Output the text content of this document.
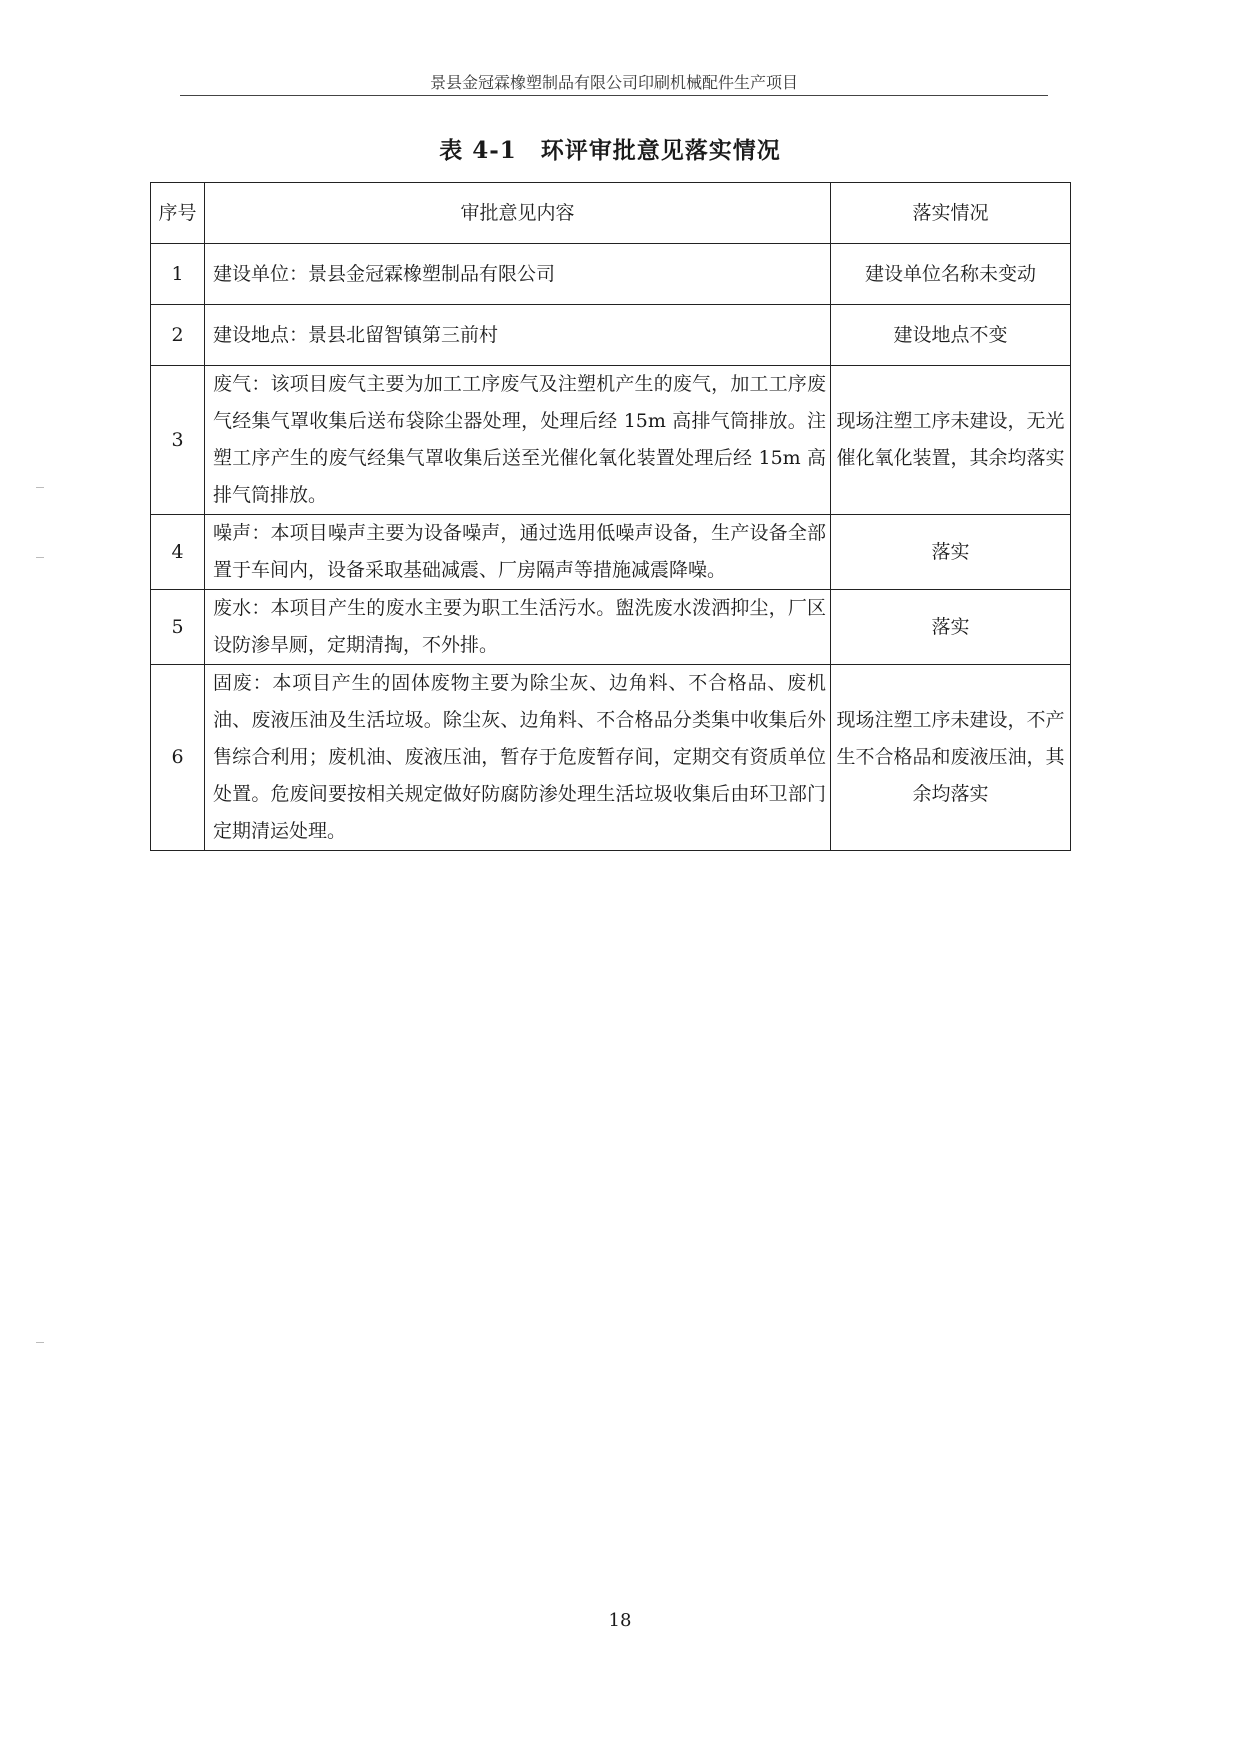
景县金冠霖橡塑制品有限公司印刷机械配件生产项目
表 4-1 环评审批意见落实情况
序号	审批意见内容	落实情况
1	建设单位：景县金冠霖橡塑制品有限公司	建设单位名称未变动
2	建设地点：景县北留智镇第三前村	建设地点不变
3	废气：该项目废气主要为加工工序废气及注塑机产生的废气，加工工序废气经集气罩收集后送布袋除尘器处理，处理后经 15m 高排气筒排放。注塑工序产生的废气经集气罩收集后送至光催化氧化装置处理后经 15m 高排气筒排放。	现场注塑工序未建设，无光催化氧化装置，其余均落实
4	噪声：本项目噪声主要为设备噪声，通过选用低噪声设备，生产设备全部置于车间内，设备采取基础减震、厂房隔声等措施减震降噪。	落实
5	废水：本项目产生的废水主要为职工生活污水。盥洗废水泼洒抑尘，厂区设防渗旱厕，定期清掏，不外排。	落实
6	固废：本项目产生的固体废物主要为除尘灰、边角料、不合格品、废机油、废液压油及生活垃圾。除尘灰、边角料、不合格品分类集中收集后外售综合利用；废机油、废液压油，暂存于危废暂存间，定期交有资质单位处置。危废间要按相关规定做好防腐防渗处理生活垃圾收集后由环卫部门定期清运处理。	现场注塑工序未建设，不产生不合格品和废液压油，其余均落实
18
